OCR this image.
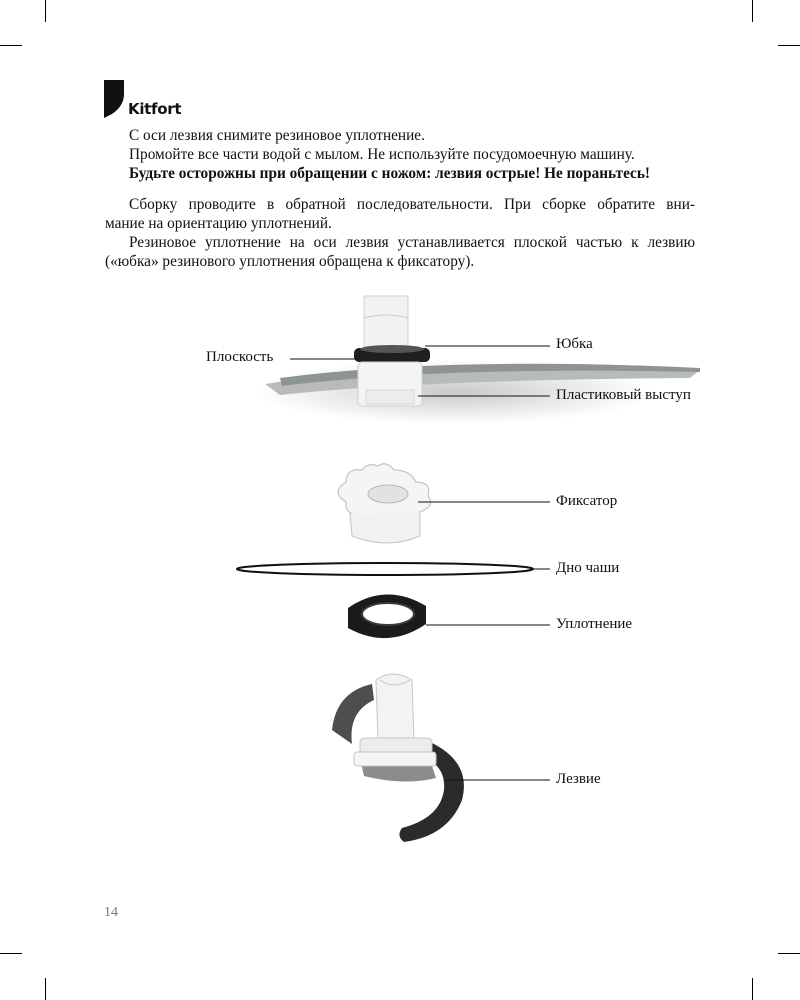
Kitfort

С оси лезвия снимите резиновое уплотнение.

Промойте все части водой с мылом. Не используйте посудомоечную машину.

Будьте осторожны при обращении с ножом: лезвия острые! Не пораньтесь!

Сборку проводите в обратной последовательности. При сборке обратите вни-

мание на ориентацию уплотнений.

Резиновое уплотнение на оси лезвия устанавливается плоской частью к лезвию

(«юбка» резинового уплотнения обращена к фиксатору).

Плоскость
Юбка
Пластиковый выступ
Фиксатор
Дно чаши
Уплотнение
Лезвие
14
